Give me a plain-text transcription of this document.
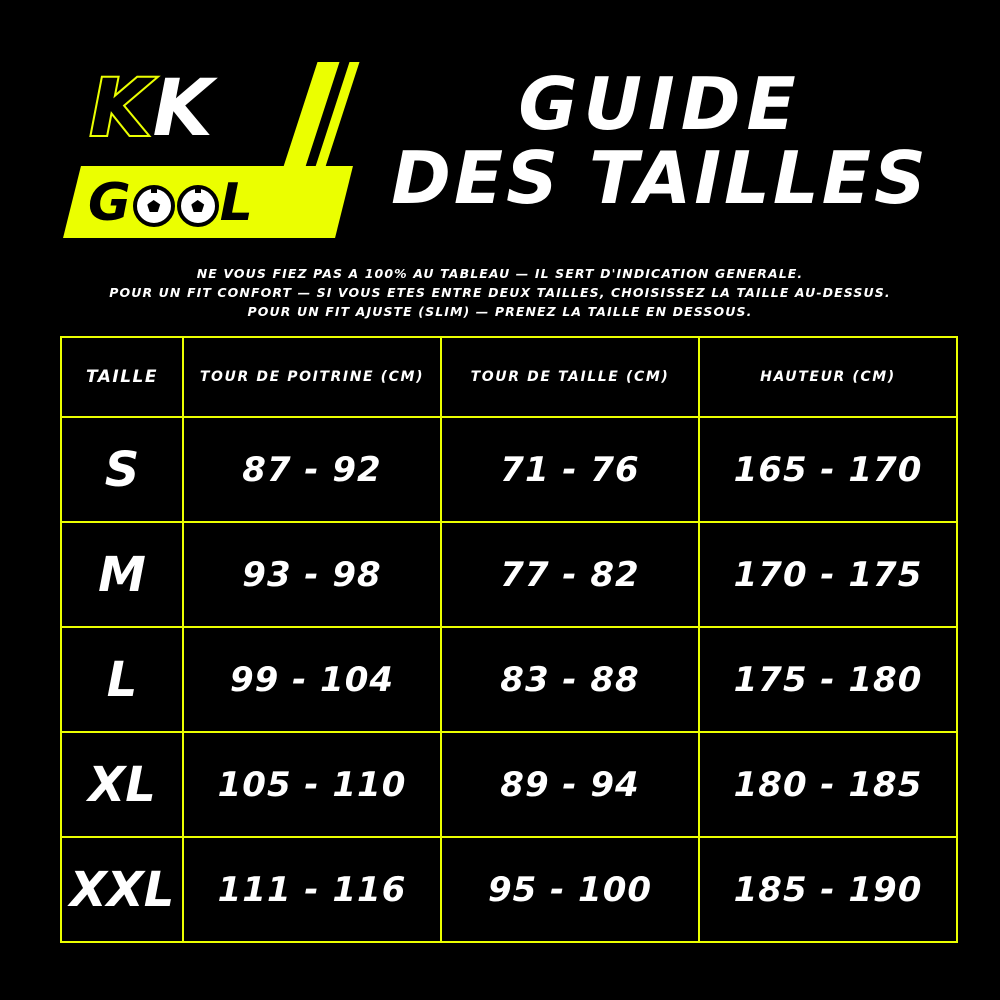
KK
G L
GUIDE
DES TAILLES

NE VOUS FIEZ PAS A 100% AU TABLEAU — IL SERT D'INDICATION GENERALE.

POUR UN FIT CONFORT — SI VOUS ETES ENTRE DEUX TAILLES, CHOISISSEZ LA TAILLE AU-DESSUS.

POUR UN FIT AJUSTE (SLIM) — PRENEZ LA TAILLE EN DESSOUS.

TAILLE	TOUR DE POITRINE (CM)	TOUR DE TAILLE (CM)	HAUTEUR (CM)
S	87 - 92	71 - 76	165 - 170
M	93 - 98	77 - 82	170 - 175
L	99 - 104	83 - 88	175 - 180
XL	105 - 110	89 - 94	180 - 185
XXL	111 - 116	95 - 100	185 - 190
